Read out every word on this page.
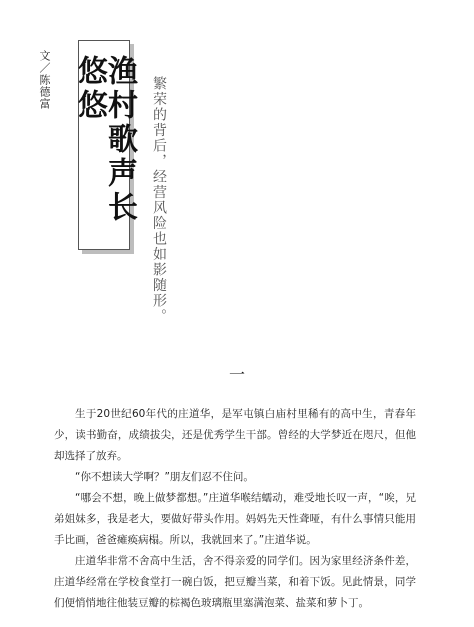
文／陈德富	渔村歌声长悠悠	繁荣的背后，经营风险也如影随形。
一

生于20世纪60年代的庄道华，是军屯镇白庙村里稀有的高中生，青春年少，读书勤奋，成绩拔尖，还是优秀学生干部。曾经的大学梦近在咫尺，但他却选择了放弃。

“你不想读大学啊？”朋友们忍不住问。

“哪会不想，晚上做梦都想。”庄道华喉结蠕动，难受地长叹一声，“唉，兄弟姐妹多，我是老大，要做好带头作用。妈妈先天性聋哑，有什么事情只能用手比画，爸爸瘫痪病榻。所以，我就回来了。”庄道华说。

庄道华非常不舍高中生活，舍不得亲爱的同学们。因为家里经济条件差，庄道华经常在学校食堂打一碗白饭，把豆瓣当菜，和着下饭。见此情景，同学们便悄悄地往他装豆瓣的棕褐色玻璃瓶里塞满泡菜、盐菜和萝卜丁。
